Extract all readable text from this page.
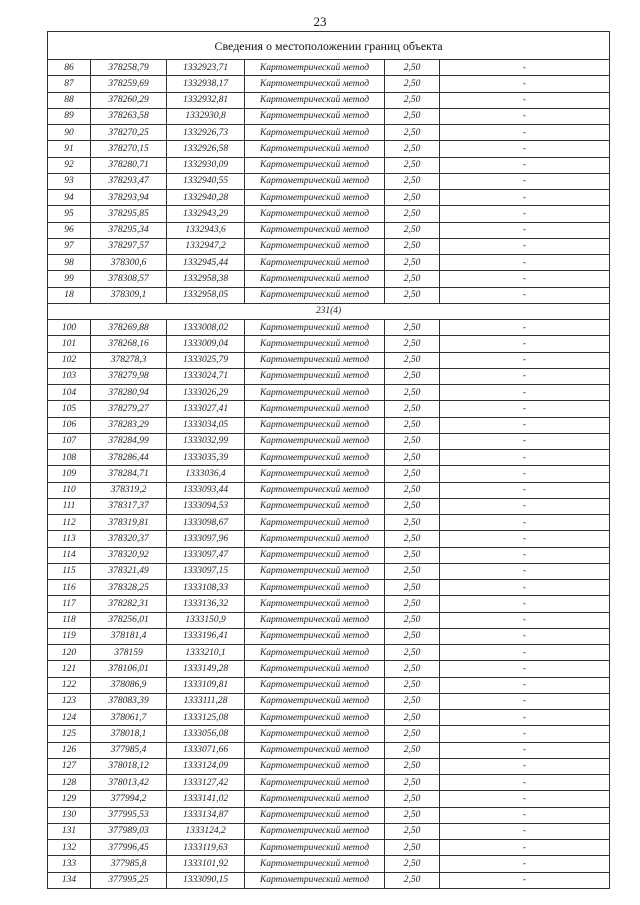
23
Сведения о местоположении границ объекта					
86	378258,79	1332923,71	Картометрический метод	2,50	-
87	378259,69	1332938,17	Картометрический метод	2,50	-
88	378260,29	1332932,81	Картометрический метод	2,50	-
89	378263,58	1332930,8	Картометрический метод	2,50	-
90	378270,25	1332926,73	Картометрический метод	2,50	-
91	378270,15	1332926,58	Картометрический метод	2,50	-
92	378280,71	1332930,09	Картометрический метод	2,50	-
93	378293,47	1332940,55	Картометрический метод	2,50	-
94	378293,94	1332940,28	Картометрический метод	2,50	-
95	378295,85	1332943,29	Картометрический метод	2,50	-
96	378295,34	1332943,6	Картометрический метод	2,50	-
97	378297,57	1332947,2	Картометрический метод	2,50	-
98	378300,6	1332945,44	Картометрический метод	2,50	-
99	378308,57	1332958,38	Картометрический метод	2,50	-
18	378309,1	1332958,05	Картометрический метод	2,50	-
231(4)					
100	378269,88	1333008,02	Картометрический метод	2,50	-
101	378268,16	1333009,04	Картометрический метод	2,50	-
102	378278,3	1333025,79	Картометрический метод	2,50	-
103	378279,98	1333024,71	Картометрический метод	2,50	-
104	378280,94	1333026,29	Картометрический метод	2,50	-
105	378279,27	1333027,41	Картометрический метод	2,50	-
106	378283,29	1333034,05	Картометрический метод	2,50	-
107	378284,99	1333032,99	Картометрический метод	2,50	-
108	378286,44	1333035,39	Картометрический метод	2,50	-
109	378284,71	1333036,4	Картометрический метод	2,50	-
110	378319,2	1333093,44	Картометрический метод	2,50	-
111	378317,37	1333094,53	Картометрический метод	2,50	-
112	378319,81	1333098,67	Картометрический метод	2,50	-
113	378320,37	1333097,96	Картометрический метод	2,50	-
114	378320,92	1333097,47	Картометрический метод	2,50	-
115	378321,49	1333097,15	Картометрический метод	2,50	-
116	378328,25	1333108,33	Картометрический метод	2,50	-
117	378282,31	1333136,32	Картометрический метод	2,50	-
118	378256,01	1333150,9	Картометрический метод	2,50	-
119	378181,4	1333196,41	Картометрический метод	2,50	-
120	378159	1333210,1	Картометрический метод	2,50	-
121	378106,01	1333149,28	Картометрический метод	2,50	-
122	378086,9	1333109,81	Картометрический метод	2,50	-
123	378083,39	1333111,28	Картометрический метод	2,50	-
124	378061,7	1333125,08	Картометрический метод	2,50	-
125	378018,1	1333056,08	Картометрический метод	2,50	-
126	377985,4	1333071,66	Картометрический метод	2,50	-
127	378018,12	1333124,09	Картометрический метод	2,50	-
128	378013,42	1333127,42	Картометрический метод	2,50	-
129	377994,2	1333141,02	Картометрический метод	2,50	-
130	377995,53	1333134,87	Картометрический метод	2,50	-
131	377989,03	1333124,2	Картометрический метод	2,50	-
132	377996,45	1333119,63	Картометрический метод	2,50	-
133	377985,8	1333101,92	Картометрический метод	2,50	-
134	377995,25	1333090,15	Картометрический метод	2,50	-
